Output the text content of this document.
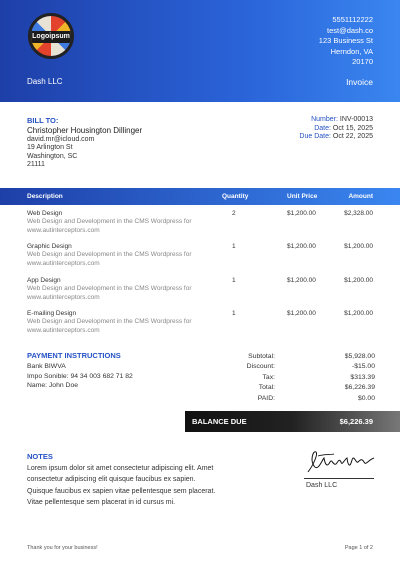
Logoipsum
5551112222
test@dash.co
123 Business St
Herndon, VA
20170
Dash LLC	Invoice
BILL TO:
Christopher Housington Dillinger
david.mr@icloud.com
19 Arlington St
Washington, SC
21111
Number: INV-00013
Date: Oct 15, 2025
Due Date: Oct 22, 2025
Description	Quantity	Unit Price	Amount
Web Design
Web Design and Development in the CMS Wordpress for www.autinterceptors.com
2	$1,200.00	$2,328.00
Graphic Design
Web Design and Development in the CMS Wordpress for www.autinterceptors.com
1	$1,200.00	$1,200.00
App Design
Web Design and Development in the CMS Wordpress for www.autinterceptors.com
1	$1,200.00	$1,200.00
E-mailing Design
Web Design and Development in the CMS Wordpress for www.autinterceptors.com
1	$1,200.00	$1,200.00
PAYMENT INSTRUCTIONS
Bank BIWVA
Impo Sonible: 94 34 003 682 71 82
Name: John Doe
Subtotal:	$5,928.00
Discount:	-$15.00
Tax:	$313.39
Total:	$6,226.39
PAID:	$0.00
BALANCE DUE	$6,226.39
NOTES
Lorem ipsum dolor sit amet consectetur adipiscing elit. Amet consectetur adipiscing elit quisque faucibus ex sapien. Quisque faucibus ex sapien vitae pellentesque sem placerat. Vitae pellentesque sem placerat in id cursus mi.
Dash LLC
Thank you for your business!	Page 1 of 2
